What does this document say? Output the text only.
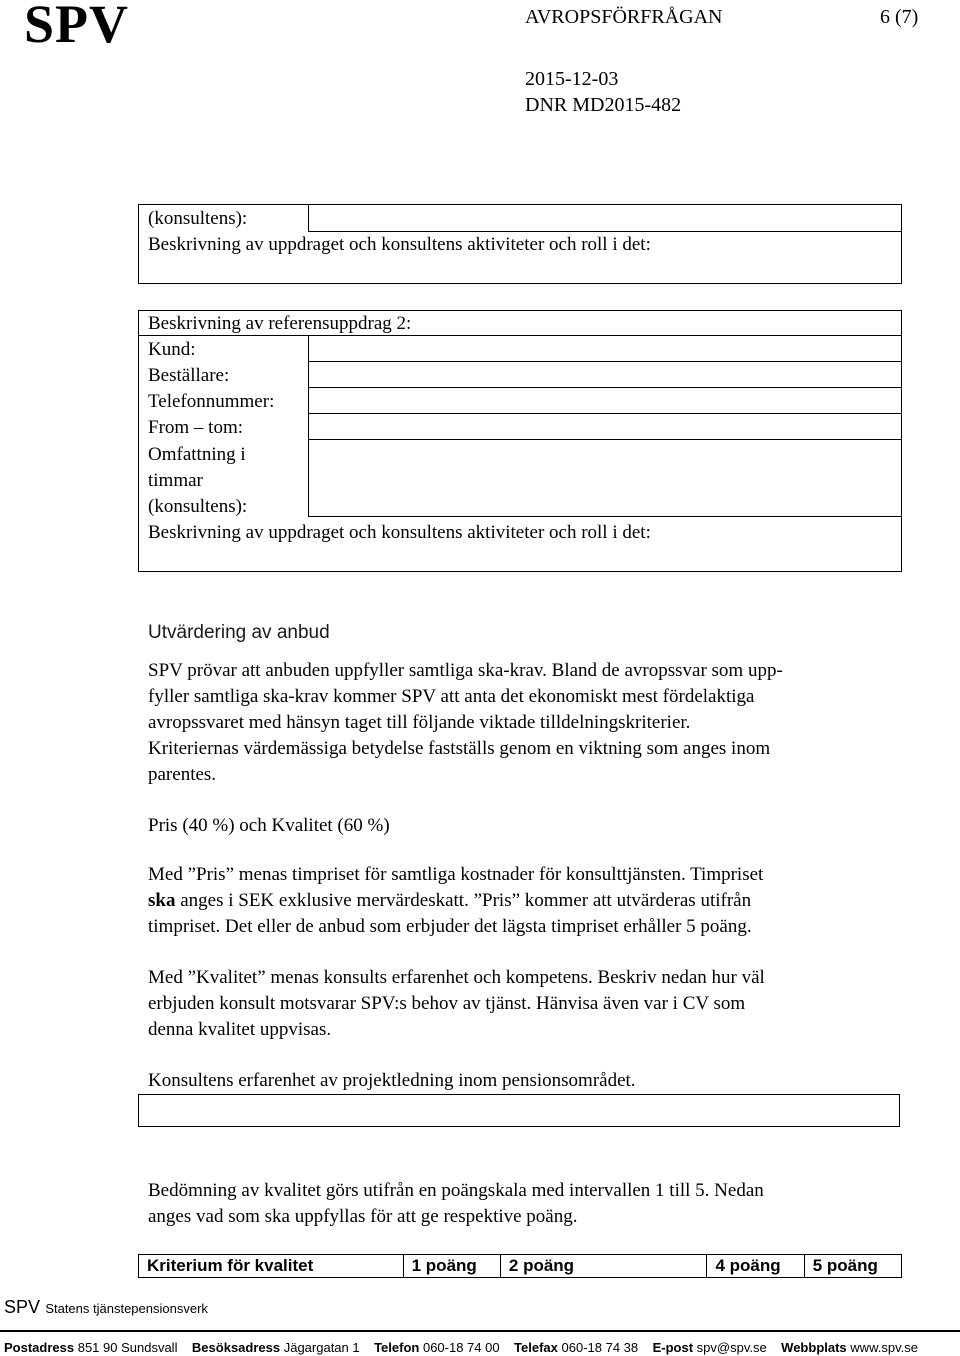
SPV	AVROPSFÖRFRÅGAN	6 (7)
2015-12-03
DNR MD2015-482
(konsultens):
Beskrivning av uppdraget och konsultens aktiviteter och roll i det:
Beskrivning av referensuppdrag 2:
Kund:
Beställare:
Telefonnummer:
From – tom:
Omfattning i
timmar
(konsultens):
Beskrivning av uppdraget och konsultens aktiviteter och roll i det:
Utvärdering av anbud
SPV prövar att anbuden uppfyller samtliga ska-krav. Bland de avropssvar som upp-
fyller samtliga ska-krav kommer SPV att anta det ekonomiskt mest fördelaktiga
avropssvaret med hänsyn taget till följande viktade tilldelningskriterier.
Kriteriernas värdemässiga betydelse fastställs genom en viktning som anges inom
parentes.
Pris (40 %) och Kvalitet (60 %)
Med ”Pris” menas timpriset för samtliga kostnader för konsulttjänsten. Timpriset
ska anges i SEK exklusive mervärdeskatt. ”Pris” kommer att utvärderas utifrån
timpriset. Det eller de anbud som erbjuder det lägsta timpriset erhåller 5 poäng.
Med ”Kvalitet” menas konsults erfarenhet och kompetens. Beskriv nedan hur väl
erbjuden konsult motsvarar SPV:s behov av tjänst. Hänvisa även var i CV som
denna kvalitet uppvisas.
Konsultens erfarenhet av projektledning inom pensionsområdet.
Bedömning av kvalitet görs utifrån en poängskala med intervallen 1 till 5. Nedan
anges vad som ska uppfyllas för att ge respektive poäng.
Kriterium för kvalitet	1 poäng	2 poäng		4 poäng	5 poäng
SPV Statens tjänstepensionsverk
Postadress 851 90 Sundsvall Besöksadress Jägargatan 1 Telefon 060-18 74 00 Telefax 060-18 74 38 E-post spv@spv.se Webbplats www.spv.se
